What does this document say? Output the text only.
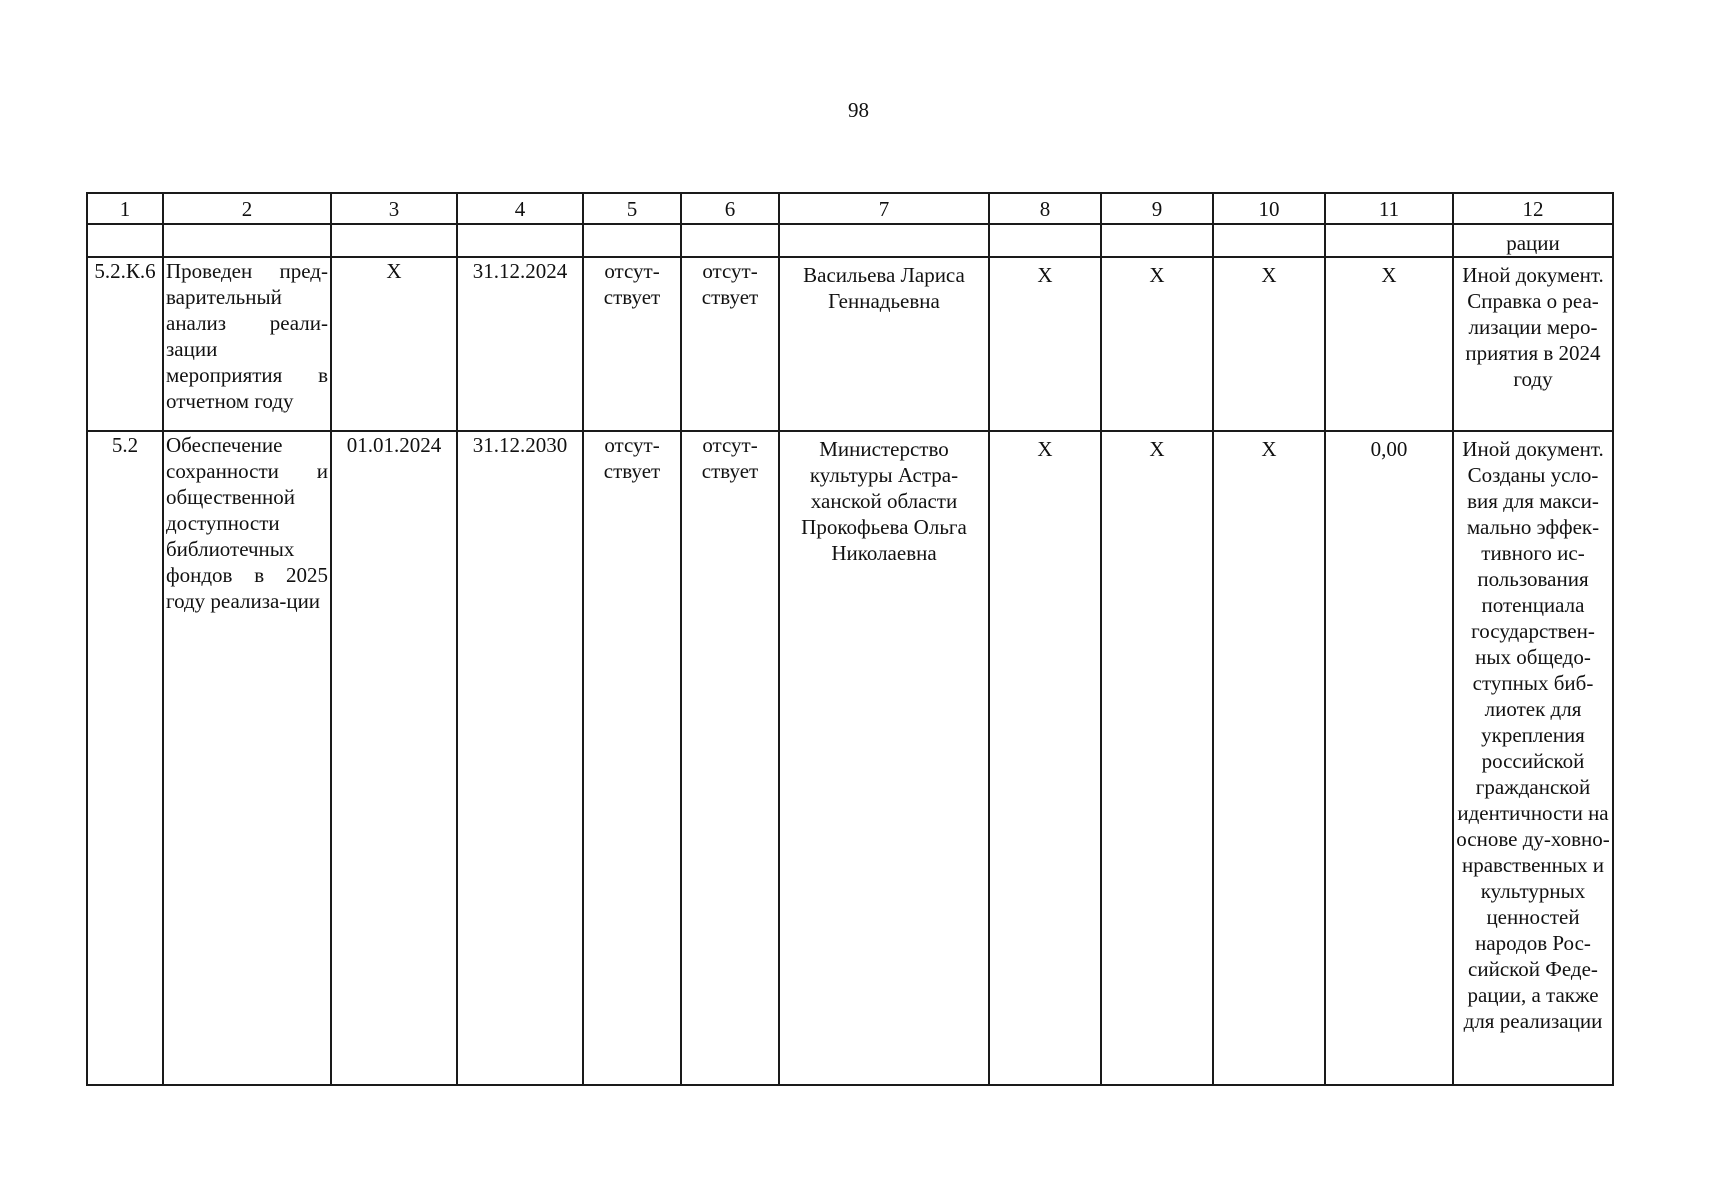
98
1	2	3	4	5	6	7	8	9	10	11	12
											рации
5.2.К.6	Проведен пред-варительный анализ реали-зации мероприятия в отчетном году	Х	31.12.2024	отсут-ствует	отсут-ствует	Васильева Лариса Геннадьевна	Х	Х	Х	Х	Иной документ. Справка о реа-лизации меро-приятия в 2024 году
5.2	Обеспечение сохранности и общественной доступности библиотечных фондов в 2025 году реализа-ции	01.01.2024	31.12.2030	отсут-ствует	отсут-ствует	Министерство культуры Астра-ханской области Прокофьева Ольга Николаевна	Х	Х	Х	0,00	Иной документ. Созданы усло-вия для макси-мально эффек-тивного ис-пользования потенциала государствен-ных общедо-ступных биб-лиотек для укрепления российской гражданской идентичности на основе ду-ховно-нравственных и культурных ценностей народов Рос-сийской Феде-рации, а также для реализации
